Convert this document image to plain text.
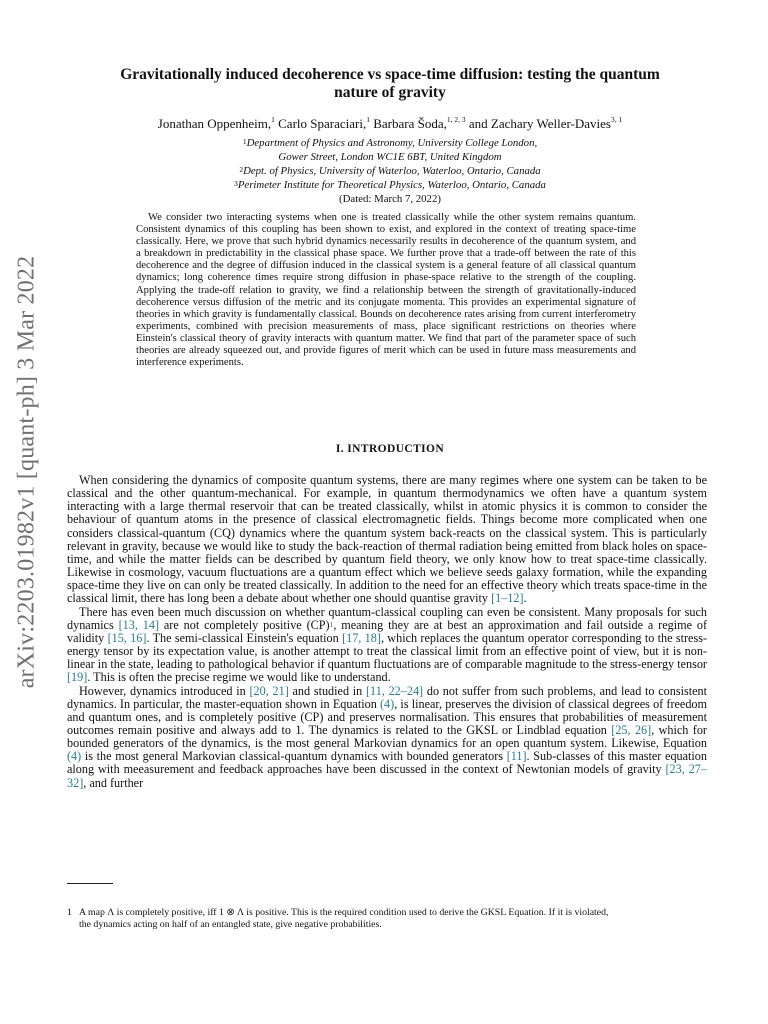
arXiv:2203.01982v1 [quant-ph] 3 Mar 2022
Gravitationally induced decoherence vs space-time diffusion: testing the quantum
nature of gravity
Jonathan Oppenheim,$^1$ Carlo Sparaciari,$^1$ Barbara Šoda,$^{1, 2, 3}$ and Zachary Weller-Davies$^{3, 1}$
$^1$Department of Physics and Astronomy, University College London,
Gower Street, London WC1E 6BT, United Kingdom
$^2$Dept. of Physics, University of Waterloo, Waterloo, Ontario, Canada
$^3$Perimeter Institute for Theoretical Physics, Waterloo, Ontario, Canada
(Dated: March 7, 2022)

We consider two interacting systems when one is treated classically while the other system remains quantum. Consistent dynamics of this coupling has been shown to exist, and explored in the context of treating space-time classically. Here, we prove that such hybrid dynamics necessarily results in decoherence of the quantum system, and a breakdown in predictability in the classical phase space. We further prove that a trade-off between the rate of this decoherence and the degree of diffusion induced in the classical system is a general feature of all classical quantum dynamics; long coherence times require strong diffusion in phase-space relative to the strength of the coupling. Applying the trade-off relation to gravity, we find a relationship between the strength of gravitationally-induced decoherence versus diffusion of the metric and its conjugate momenta. This provides an experimental signature of theories in which gravity is fundamentally classical. Bounds on decoherence rates arising from current interferometry experiments, combined with precision measurements of mass, place significant restrictions on theories where Einstein's classical theory of gravity interacts with quantum matter. We find that part of the parameter space of such theories are already squeezed out, and provide figures of merit which can be used in future mass measurements and interference experiments.

I. INTRODUCTION

When considering the dynamics of composite quantum systems, there are many regimes where one system can be taken to be classical and the other quantum-mechanical. For example, in quantum thermodynamics we often have a quantum system interacting with a large thermal reservoir that can be treated classically, whilst in atomic physics it is common to consider the behaviour of quantum atoms in the presence of classical electromagnetic fields. Things become more complicated when one considers classical-quantum (CQ) dynamics where the quantum system back-reacts on the classical system. This is particularly relevant in gravity, because we would like to study the back-reaction of thermal radiation being emitted from black holes on space-time, and while the matter fields can be described by quantum field theory, we only know how to treat space-time classically. Likewise in cosmology, vacuum fluctuations are a quantum effect which we believe seeds galaxy formation, while the expanding space-time they live on can only be treated classically. In addition to the need for an effective theory which treats space-time in the classical limit, there has long been a debate about whether one should quantise gravity [1–12].

There has even been much discussion on whether quantum-classical coupling can even be consistent. Many proposals for such dynamics [13, 14] are not completely positive (CP)$^1$, meaning they are at best an approximation and fail outside a regime of validity [15, 16]. The semi-classical Einstein's equation [17, 18], which replaces the quantum operator corresponding to the stress-energy tensor by its expectation value, is another attempt to treat the classical limit from an effective point of view, but it is non-linear in the state, leading to pathological behavior if quantum fluctuations are of comparable magnitude to the stress-energy tensor [19]. This is often the precise regime we would like to understand.

However, dynamics introduced in [20, 21] and studied in [11, 22–24] do not suffer from such problems, and lead to consistent dynamics. In particular, the master-equation shown in Equation (4), is linear, preserves the division of classical degrees of freedom and quantum ones, and is completely positive (CP) and preserves normalisation. This ensures that probabilities of measurement outcomes remain positive and always add to 1. The dynamics is related to the GKSL or Lindblad equation [25, 26], which for bounded generators of the dynamics, is the most general Markovian dynamics for an open quantum system. Likewise, Equation (4) is the most general Markovian classical-quantum dynamics with bounded generators [11]. Sub-classes of this master equation along with meeasurement and feedback approaches have been discussed in the context of Newtonian models of gravity [23, 27–32], and further

1 A map Λ is completely positive, iff 1 ⊗ Λ is positive. This is the required condition used to derive the GKSL Equation. If it is violated,
the dynamics acting on half of an entangled state, give negative probabilities.
